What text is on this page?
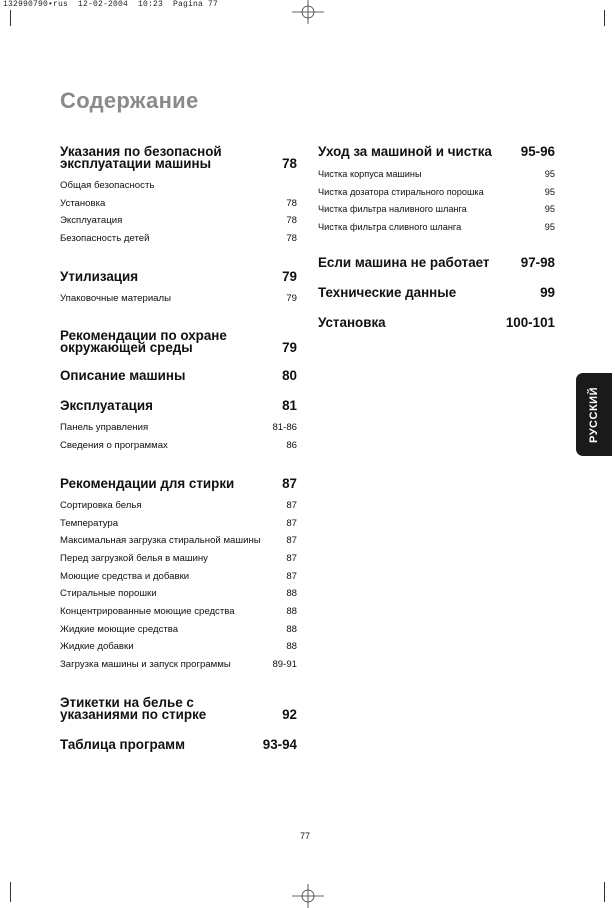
132990790•rus  12-02-2004  10:23  Pagina 77
Содержание
Указания по безопасной
эксплуатации машины	78
Общая безопасность
Установка	78
Эксплуатация	78
Безопасность детей	78
Утилизация	79
Упаковочные материалы	79
Рекомендации по охране
окружающей среды	79
Описание машины	80
Эксплуатация	81
Панель управления	81-86
Сведения о программах	86
Рекомендации для стирки	87
Сортировка белья	87
Температура	87
Максимальная загрузка стиральной машины	87
Перед загрузкой белья в машину	87
Моющие средства и добавки	87
Стиральные порошки	88
Концентрированные моющие средства	88
Жидкие моющие средства	88
Жидкие добавки	88
Загрузка машины и запуск программы	89-91
Этикетки на белье с
указаниями по стирке	92
Таблица программ	93-94
Уход за машиной и чистка 95-96
Чистка корпуса машины	95
Чистка дозатора стирального порошка	95
Чистка фильтра наливного шланга	95
Чистка фильтра сливного шланга	95
Если машина не работает 97-98
Технические данные	99
Установка	100-101
РУССКИЙ
77
